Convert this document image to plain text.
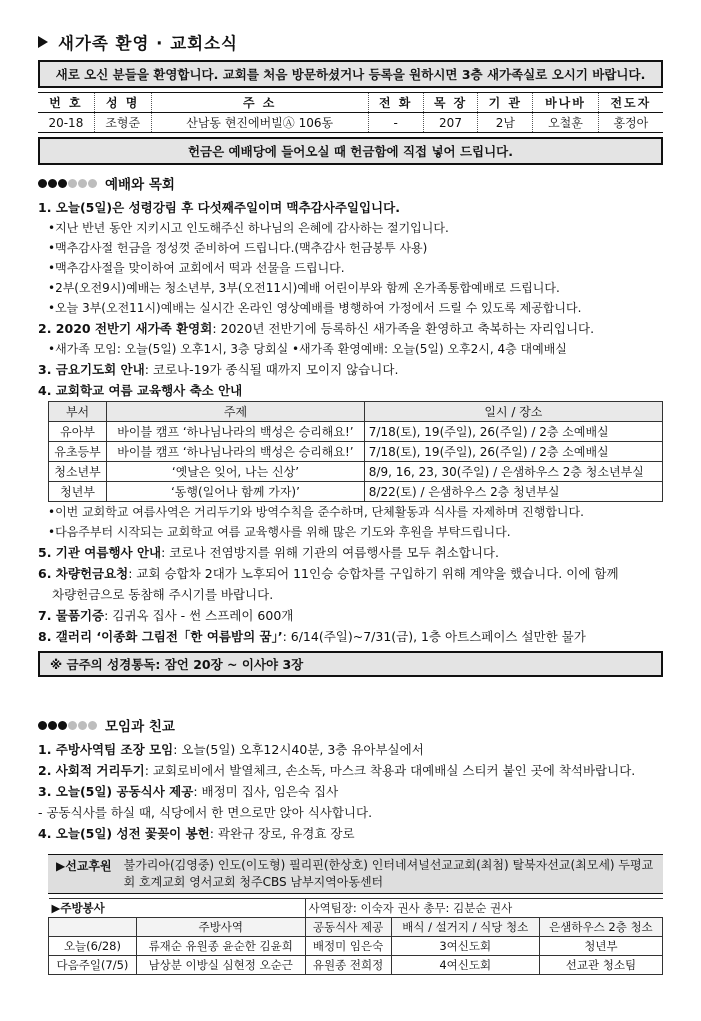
새가족 환영 · 교회소식
새로 오신 분들을 환영합니다. 교회를 처음 방문하셨거나 등록을 원하시면 3층 새가족실로 오시기 바랍니다.
번 호	성 명	주 소	전 화	목 장	기 관	바나바	전도자
20-18	조형준	산남동 현진에버빌Ⓐ 106동	-	207	2남	오철훈	홍정아
헌금은 예배당에 들어오실 때 헌금함에 직접 넣어 드립니다.
예배와 목회
1. 오늘(5일)은 성령강림 후 다섯째주일이며 맥추감사주일입니다.
•지난 반년 동안 지키시고 인도해주신 하나님의 은혜에 감사하는 절기입니다.
•맥추감사절 헌금을 정성껏 준비하여 드립니다.(맥추감사 헌금봉투 사용)
•맥추감사절을 맞이하여 교회에서 떡과 선물을 드립니다.
•2부(오전9시)예배는 청소년부, 3부(오전11시)예배 어린이부와 함께 온가족통합예배로 드립니다.
•오늘 3부(오전11시)예배는 실시간 온라인 영상예배를 병행하여 가정에서 드릴 수 있도록 제공합니다.
2. 2020 전반기 새가족 환영회: 2020년 전반기에 등록하신 새가족을 환영하고 축복하는 자리입니다.
•새가족 모임: 오늘(5일) 오후1시, 3층 당회실 •새가족 환영예배: 오늘(5일) 오후2시, 4층 대예배실
3. 금요기도회 안내: 코로나-19가 종식될 때까지 모이지 않습니다.
4. 교회학교 여름 교육행사 축소 안내
부서	주제	일시 / 장소
유아부	바이블 캠프 ‘하나님나라의 백성은 승리해요!’	7/18(토), 19(주일), 26(주일) / 2층 소예배실
유초등부	바이블 캠프 ‘하나님나라의 백성은 승리해요!’	7/18(토), 19(주일), 26(주일) / 2층 소예배실
청소년부	‘옛날은 잊어, 나는 신상’	8/9, 16, 23, 30(주일) / 은샘하우스 2층 청소년부실
청년부	‘동행(일어나 함께 가자)’	8/22(토) / 은샘하우스 2층 청년부실
•이번 교회학교 여름사역은 거리두기와 방역수칙을 준수하며, 단체활동과 식사를 자제하며 진행합니다.
•다음주부터 시작되는 교회학교 여름 교육행사를 위해 많은 기도와 후원을 부탁드립니다.
5. 기관 여름행사 안내: 코로나 전염방지를 위해 기관의 여름행사를 모두 취소합니다.
6. 차량헌금요청: 교회 승합차 2대가 노후되어 11인승 승합차를 구입하기 위해 계약을 했습니다. 이에 함께
차량헌금으로 동참해 주시기를 바랍니다.
7. 물품기증: 김귀옥 집사 - 썬 스프레이 600개
8. 갤러리 ‘이종화 그림전「한 여름밤의 꿈」’: 6/14(주일)~7/31(금), 1층 아트스페이스 설만한 물가
※ 금주의 성경통독: 잠언 20장 ~ 이사야 3장
모임과 친교
1. 주방사역팀 조장 모임: 오늘(5일) 오후12시40분, 3층 유아부실에서
2. 사회적 거리두기: 교회로비에서 발열체크, 손소독, 마스크 착용과 대예배실 스티커 붙인 곳에 착석바랍니다.
3. 오늘(5일) 공동식사 제공: 배정미 집사, 임은숙 집사
- 공동식사를 하실 때, 식당에서 한 면으로만 앉아 식사합니다.
4. 오늘(5일) 성전 꽃꽂이 봉헌: 곽완규 장로, 유경효 장로
▶선교후원	불가리아(김영중) 인도(이도형) 필리핀(한상호) 인터네셔널선교교회(최첨) 탈북자선교(최모세) 두평교회 호계교회 영서교회 청주CBS 남부지역아동센터
▶주방봉사		사역팀장: 이숙자 권사 총무: 김분순 권사		
	주방사역	공동식사 제공	배식 / 설거지 / 식당 청소	은샘하우스 2층 청소
오늘(6/28)	류재순 유원종 윤순한 김윤희	배정미 임은숙	3여신도회	청년부
다음주일(7/5)	남상분 이방실 심현정 오순근	유원종 전희정	4여신도회	선교관 청소팀
